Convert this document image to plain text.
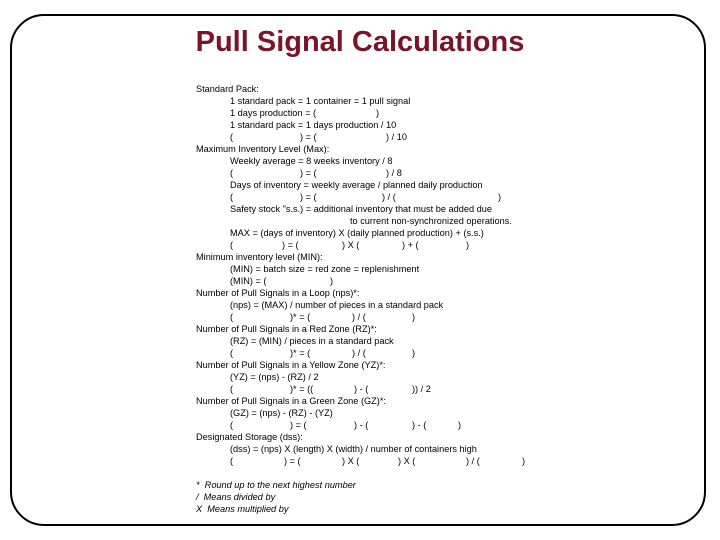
Pull Signal Calculations
Standard Pack:
1 standard pack = 1 container = 1 pull signal
1 days production = (	)
1 standard pack = 1 days production / 10
(	) = (	) / 10
Maximum Inventory Level (Max):
Weekly average = 8 weeks inventory / 8
(	) = (	) / 8
Days of inventory = weekly average / planned daily production
(	) = (	) / (	)
Safety stock "s.s.) = additional inventory that must be added due
to current non-synchronized operations.
MAX = (days of inventory) X (daily planned production) + (s.s.)
(	) = (	) X (	) + (	)
Minimum inventory level (MIN):
(MIN) = batch size = red zone = replenishment
(MIN) = (	)
Number of Pull Signals in a Loop (nps)*:
(nps) = (MAX) / number of pieces in a standard pack
(	)* = (	) / (	)
Number of Pull Signals in a Red Zone (RZ)*:
(RZ) = (MIN) / pieces in a standard pack
(	)* = (	) / (	)
Number of Pull Signals in a Yellow Zone (YZ)*:
(YZ) = (nps) - (RZ) / 2
(	)* = ((	) - (	)) / 2
Number of Pull Signals in a Green Zone (GZ)*:
(GZ) = (nps) - (RZ) - (YZ)
(	) = (	) - (	) - (	)
Designated Storage (dss):
(dss) = (nps) X (length) X (width) / number of containers high
(	) = (	) X (	) X (	) / (	)
*  Round up to the next highest number
/  Means divided by
X  Means multiplied by
